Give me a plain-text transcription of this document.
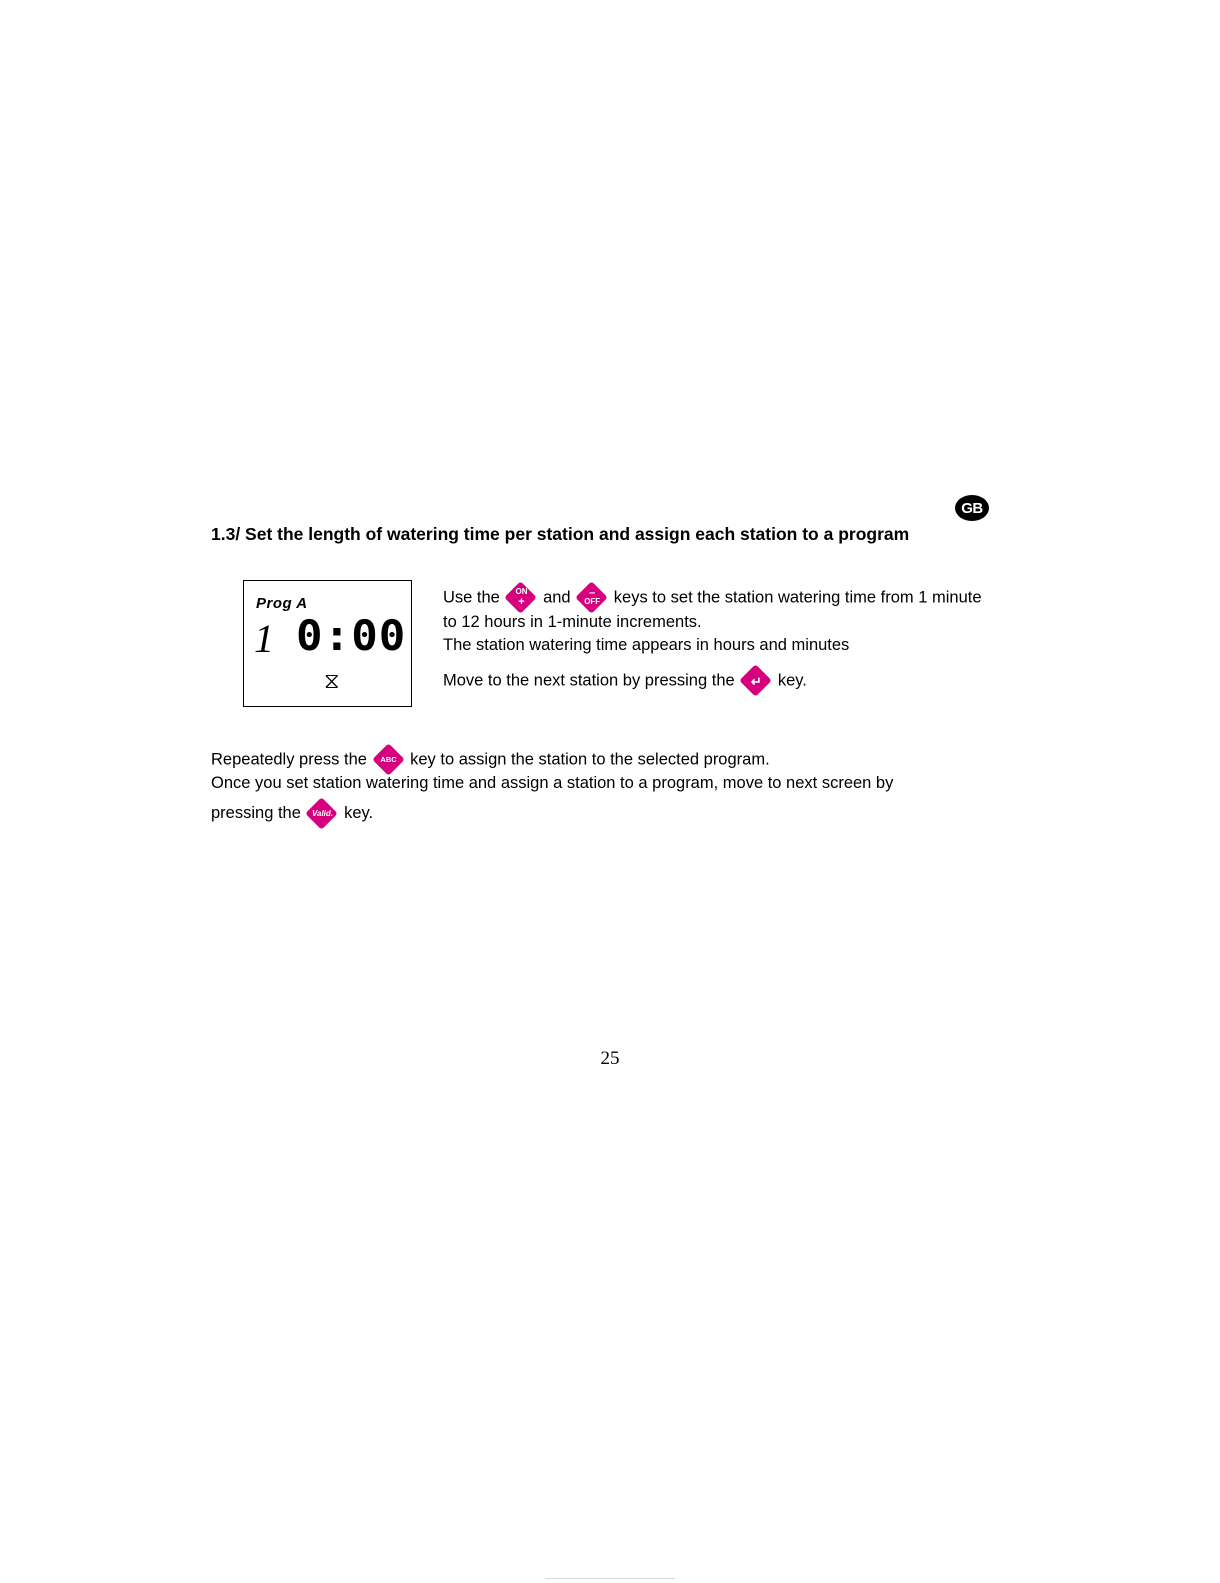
GB
1.3/ Set the length of watering time per station and assign each station to a program
Prog A
1 0:00
⧖
Use the ON
+ and –
OFF keys to set the station watering time from 1 minute to 12 hours in 1-minute increments.
The station watering time appears in hours and minutes
Move to the next station by pressing the	↵ key.
Repeatedly press the	ABC key to assign the station to the selected program.
Once you set station watering time and assign a station to a program, move to next screen by
pressing the	Valid. key.
25
